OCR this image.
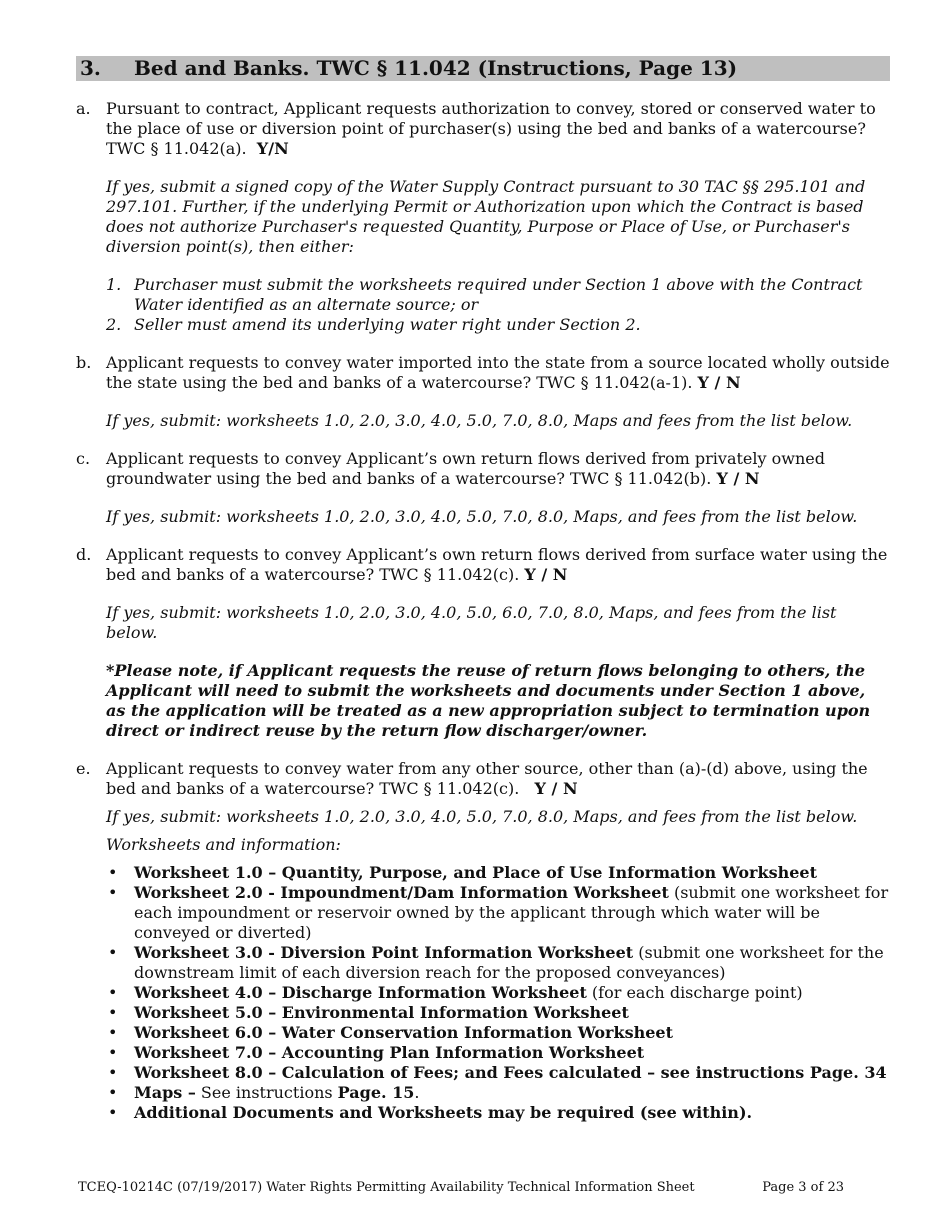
3. Bed and Banks. TWC § 11.042 (Instructions, Page 13)
a. Pursuant to contract, Applicant requests authorization to convey, stored or conserved water to the place of use or diversion point of purchaser(s) using the bed and banks of a watercourse? TWC § 11.042(a). Y/N
If yes, submit a signed copy of the Water Supply Contract pursuant to 30 TAC §§ 295.101 and 297.101. Further, if the underlying Permit or Authorization upon which the Contract is based does not authorize Purchaser's requested Quantity, Purpose or Place of Use, or Purchaser's diversion point(s), then either:
1. Purchaser must submit the worksheets required under Section 1 above with the Contract Water identified as an alternate source; or
2. Seller must amend its underlying water right under Section 2.
b. Applicant requests to convey water imported into the state from a source located wholly outside the state using the bed and banks of a watercourse? TWC § 11.042(a-1). Y / N
If yes, submit: worksheets 1.0, 2.0, 3.0, 4.0, 5.0, 7.0, 8.0, Maps and fees from the list below.
c. Applicant requests to convey Applicant’s own return flows derived from privately owned groundwater using the bed and banks of a watercourse? TWC § 11.042(b). Y / N
If yes, submit: worksheets 1.0, 2.0, 3.0, 4.0, 5.0, 7.0, 8.0, Maps, and fees from the list below.
d. Applicant requests to convey Applicant’s own return flows derived from surface water using the bed and banks of a watercourse? TWC § 11.042(c). Y / N
If yes, submit: worksheets 1.0, 2.0, 3.0, 4.0, 5.0, 6.0, 7.0, 8.0, Maps, and fees from the list below.
*Please note, if Applicant requests the reuse of return flows belonging to others, the Applicant will need to submit the worksheets and documents under Section 1 above, as the application will be treated as a new appropriation subject to termination upon direct or indirect reuse by the return flow discharger/owner.
e. Applicant requests to convey water from any other source, other than (a)-(d) above, using the bed and banks of a watercourse? TWC § 11.042(c). Y / N
If yes, submit: worksheets 1.0, 2.0, 3.0, 4.0, 5.0, 7.0, 8.0, Maps, and fees from the list below.
Worksheets and information:
• Worksheet 1.0 – Quantity, Purpose, and Place of Use Information Worksheet
• Worksheet 2.0 - Impoundment/Dam Information Worksheet (submit one worksheet for each impoundment or reservoir owned by the applicant through which water will be conveyed or diverted)
• Worksheet 3.0 - Diversion Point Information Worksheet (submit one worksheet for the downstream limit of each diversion reach for the proposed conveyances)
• Worksheet 4.0 – Discharge Information Worksheet (for each discharge point)
• Worksheet 5.0 – Environmental Information Worksheet
• Worksheet 6.0 – Water Conservation Information Worksheet
• Worksheet 7.0 – Accounting Plan Information Worksheet
• Worksheet 8.0 – Calculation of Fees; and Fees calculated – see instructions Page. 34
• Maps – See instructions Page. 15.
• Additional Documents and Worksheets may be required (see within).
TCEQ-10214C (07/19/2017) Water Rights Permitting Availability Technical Information Sheet	Page 3 of 23
